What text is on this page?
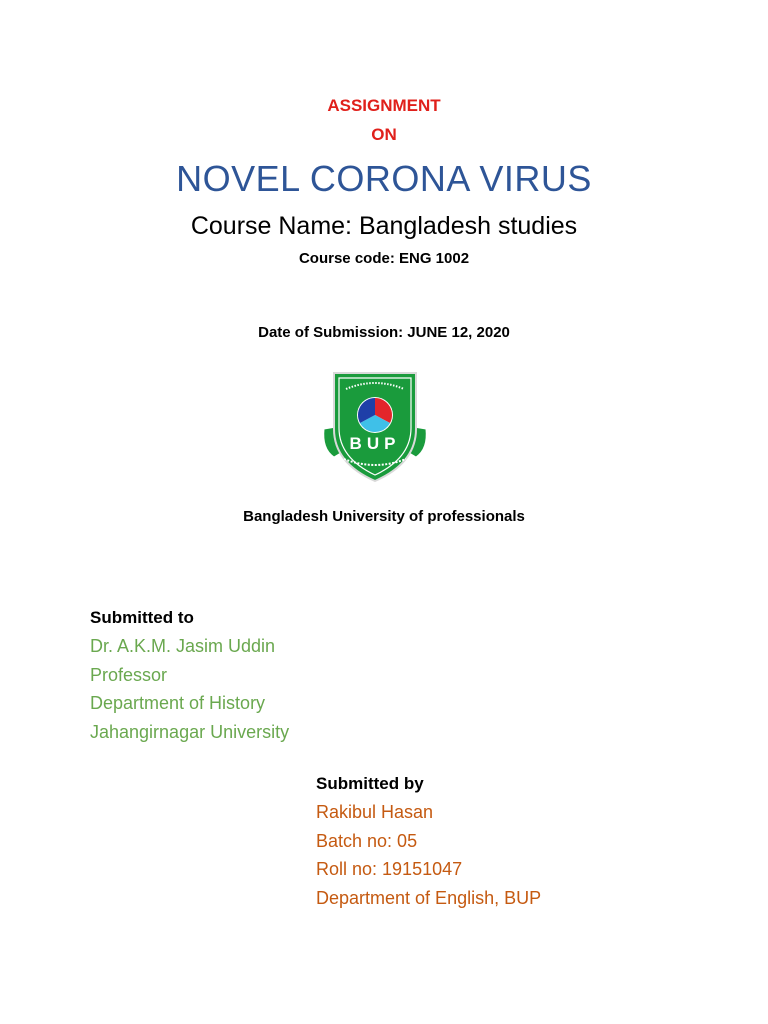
ASSIGNMENT
ON
NOVEL CORONA VIRUS
Course Name: Bangladesh studies
Course code: ENG 1002
Date of Submission: JUNE 12, 2020
BUP
Bangladesh University of professionals
Submitted to
Dr. A.K.M. Jasim Uddin
Professor
Department of History
Jahangirnagar University
Submitted by
Rakibul Hasan
Batch no: 05
Roll no: 19151047
Department of English, BUP
